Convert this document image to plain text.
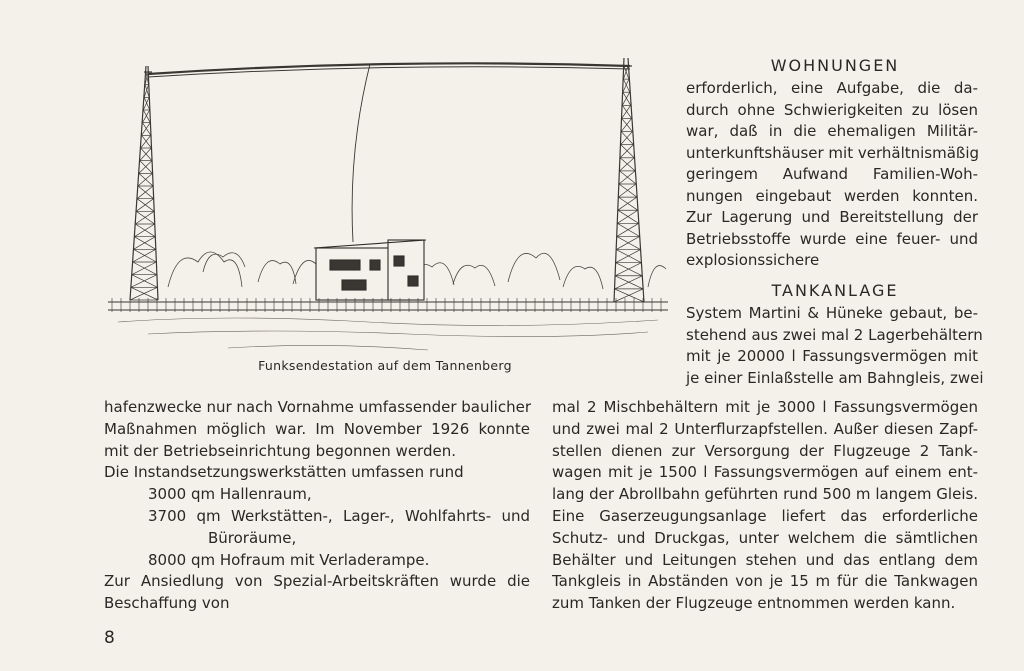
Funksendestation auf dem Tannenberg
WOHNUNGEN
erforderlich, eine Aufgabe, die da-
durch ohne Schwierigkeiten zu lösen
war, daß in die ehemaligen Militär-
unterkunftshäuser mit verhältnismäßig
geringem Aufwand Familien-Woh-
nungen eingebaut werden konnten.
Zur Lagerung und Bereitstellung der
Betriebsstoffe wurde eine feuer- und
explosionssichere
TANKANLAGE
System Martini & Hüneke gebaut, be-
stehend aus zwei mal 2 Lagerbehältern
mit je 20000 l Fassungsvermögen mit
je einer Einlaßstelle am Bahngleis, zwei
hafenzwecke nur nach Vornahme umfassender baulicher
Maßnahmen möglich war. Im November 1926 konnte
mit der Betriebseinrichtung begonnen werden.
Die Instandsetzungswerkstätten umfassen rund
3000 qm Hallenraum,
3700 qm Werkstätten-, Lager-, Wohlfahrts- und
Büroräume,
8000 qm Hofraum mit Verladerampe.
Zur Ansiedlung von Spezial-Arbeitskräften wurde die
Beschaffung von
mal 2 Mischbehältern mit je 3000 l Fassungsvermögen
und zwei mal 2 Unterflurzapfstellen. Außer diesen Zapf-
stellen dienen zur Versorgung der Flugzeuge 2 Tank-
wagen mit je 1500 l Fassungsvermögen auf einem ent-
lang der Abrollbahn geführten rund 500 m langem Gleis.
Eine Gaserzeugungsanlage liefert das erforderliche
Schutz- und Druckgas, unter welchem die sämtlichen
Behälter und Leitungen stehen und das entlang dem
Tankgleis in Abständen von je 15 m für die Tankwagen
zum Tanken der Flugzeuge entnommen werden kann.
8
